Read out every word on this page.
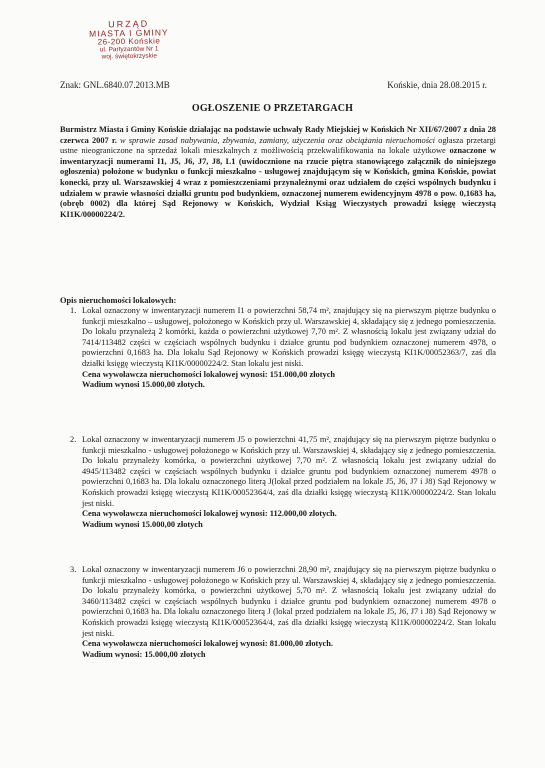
URZĄD
MIASTA I GMINY
26-200 Końskie
ul. Partyzantów Nr 1
woj. świętokrzyskie
Znak: GNL.6840.07.2013.MB	Końskie, dnia 28.08.2015 r.
OGŁOSZENIE O PRZETARGACH
Burmistrz Miasta i Gminy Końskie działając na podstawie uchwały Rady Miejskiej w Końskich Nr XII/67/2007 z dnia 28 czerwca 2007 r. w sprawie zasad nabywania, zbywania, zamiany, użyczenia oraz obciążania nieruchomości ogłasza przetargi ustne nieograniczone na sprzedaż lokali mieszkalnych z możliwością przekwalifikowania na lokale użytkowe oznaczone w inwentaryzacji numerami I1, J5, J6, J7, J8, L1 (uwidocznione na rzucie piętra stanowiącego załącznik do niniejszego ogłoszenia) położone w budynku o funkcji mieszkalno - usługowej znajdującym się w Końskich, gmina Końskie, powiat konecki, przy ul. Warszawskiej 4 wraz z pomieszczeniami przynależnymi oraz udziałem do części wspólnych budynku i udziałem w prawie własności działki gruntu pod budynkiem, oznaczonej numerem ewidencyjnym 4978 o pow. 0,1683 ha, (obręb 0002) dla której Sąd Rejonowy w Końskich, Wydział Ksiąg Wieczystych prowadzi księgę wieczystą KI1K/00000224/2.
Opis nieruchomości lokalowych:
1. Lokal oznaczony w inwentaryzacji numerem I1 o powierzchni 58,74 m², znajdujący się na pierwszym piętrze budynku o funkcji mieszkalno – usługowej, położonego w Końskich przy ul. Warszawskiej 4, składający się z jednego pomieszczenia. Do lokalu przynależą 2 komórki, każda o powierzchni użytkowej 7,70 m². Z własnością lokalu jest związany udział do 7414/113482 części w częściach wspólnych budynku i działce gruntu pod budynkiem oznaczonej numerem 4978, o powierzchni 0,1683 ha. Dla lokalu Sąd Rejonowy w Końskich prowadzi księgę wieczystą KI1K/00052363/7, zaś dla działki księgę wieczystą KI1K/00000224/2. Stan lokalu jest niski.
Cena wywoławcza nieruchomości lokalowej wynosi: 151.000,00 złotych
Wadium wynosi 15.000,00 złotych.
2. Lokal oznaczony w inwentaryzacji numerem J5 o powierzchni 41,75 m², znajdujący się na pierwszym piętrze budynku o funkcji mieszkalno - usługowej położonego w Końskich przy ul. Warszawskiej 4, składający się z jednego pomieszczenia. Do lokalu przynależy komórka, o powierzchni użytkowej 7,70 m². Z własnością lokalu jest związany udział do 4945/113482 części w częściach wspólnych budynku i działce gruntu pod budynkiem oznaczonej numerem 4978 o powierzchni 0,1683 ha. Dla lokalu oznaczonego literą J(lokal przed podziałem na lokale J5, J6, J7 i J8) Sąd Rejonowy w Końskich prowadzi księgę wieczystą KI1K/00052364/4, zaś dla działki księgę wieczystą KI1K/00000224/2. Stan lokalu jest niski.
Cena wywoławcza nieruchomości lokalowej wynosi: 112.000,00 złotych.
Wadium wynosi 15.000,00 złotych
3. Lokal oznaczony w inwentaryzacji numerem J6 o powierzchni 28,90 m², znajdujący się na pierwszym piętrze budynku o funkcji mieszkalno - usługowej położonego w Końskich przy ul. Warszawskiej 4, składający się z jednego pomieszczenia. Do lokalu przynależy komórka, o powierzchni użytkowej 5,70 m². Z własnością lokalu jest związany udział do 3460/113482 części w częściach wspólnych budynku i działce gruntu pod budynkiem oznaczonej numerem 4978 o powierzchni 0,1683 ha. Dla lokalu oznaczonego literą J (lokal przed podziałem na lokale J5, J6, J7 i J8) Sąd Rejonowy w Końskich prowadzi księgę wieczystą KI1K/00052364/4, zaś dla działki księgę wieczystą KI1K/00000224/2. Stan lokalu jest niski.
Cena wywoławcza nieruchomości lokalowej wynosi: 81.000,00 złotych.
Wadium wynosi: 15.000,00 złotych
